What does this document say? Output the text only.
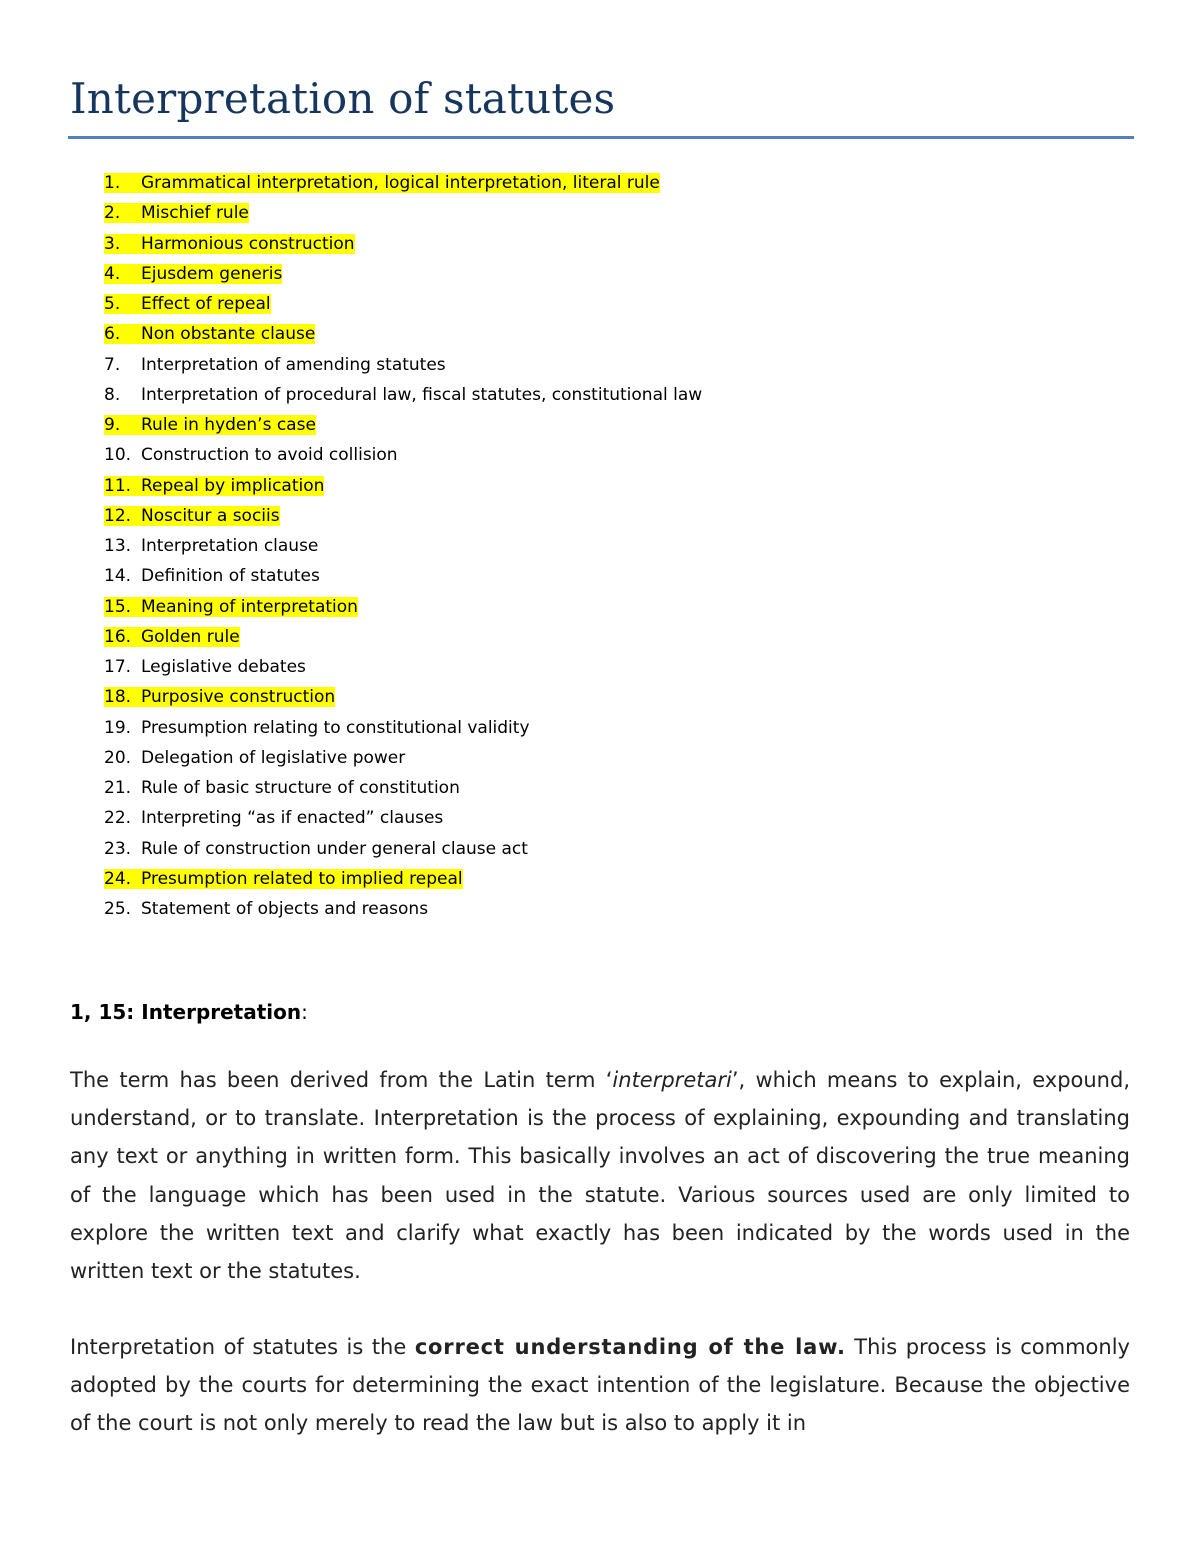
Interpretation of statutes
1. Grammatical interpretation, logical interpretation, literal rule
2. Mischief rule
3. Harmonious construction
4. Ejusdem generis
5. Effect of repeal
6. Non obstante clause
7. Interpretation of amending statutes
8. Interpretation of procedural law, fiscal statutes, constitutional law
9. Rule in hyden’s case
10. Construction to avoid collision
11. Repeal by implication
12. Noscitur a sociis
13. Interpretation clause
14. Definition of statutes
15. Meaning of interpretation
16. Golden rule
17. Legislative debates
18. Purposive construction
19. Presumption relating to constitutional validity
20. Delegation of legislative power
21. Rule of basic structure of constitution
22. Interpreting “as if enacted” clauses
23. Rule of construction under general clause act
24. Presumption related to implied repeal
25. Statement of objects and reasons
1, 15: Interpretation:

The term has been derived from the Latin term ‘interpretari’, which means to explain, expound, understand, or to translate. Interpretation is the process of explaining, expounding and translating any text or anything in written form. This basically involves an act of discovering the true meaning of the language which has been used in the statute. Various sources used are only limited to explore the written text and clarify what exactly has been indicated by the words used in the written text or the statutes.

Interpretation of statutes is the correct understanding of the law. This process is commonly adopted by the courts for determining the exact intention of the legislature. Because the objective of the court is not only merely to read the law but is also to apply it in
